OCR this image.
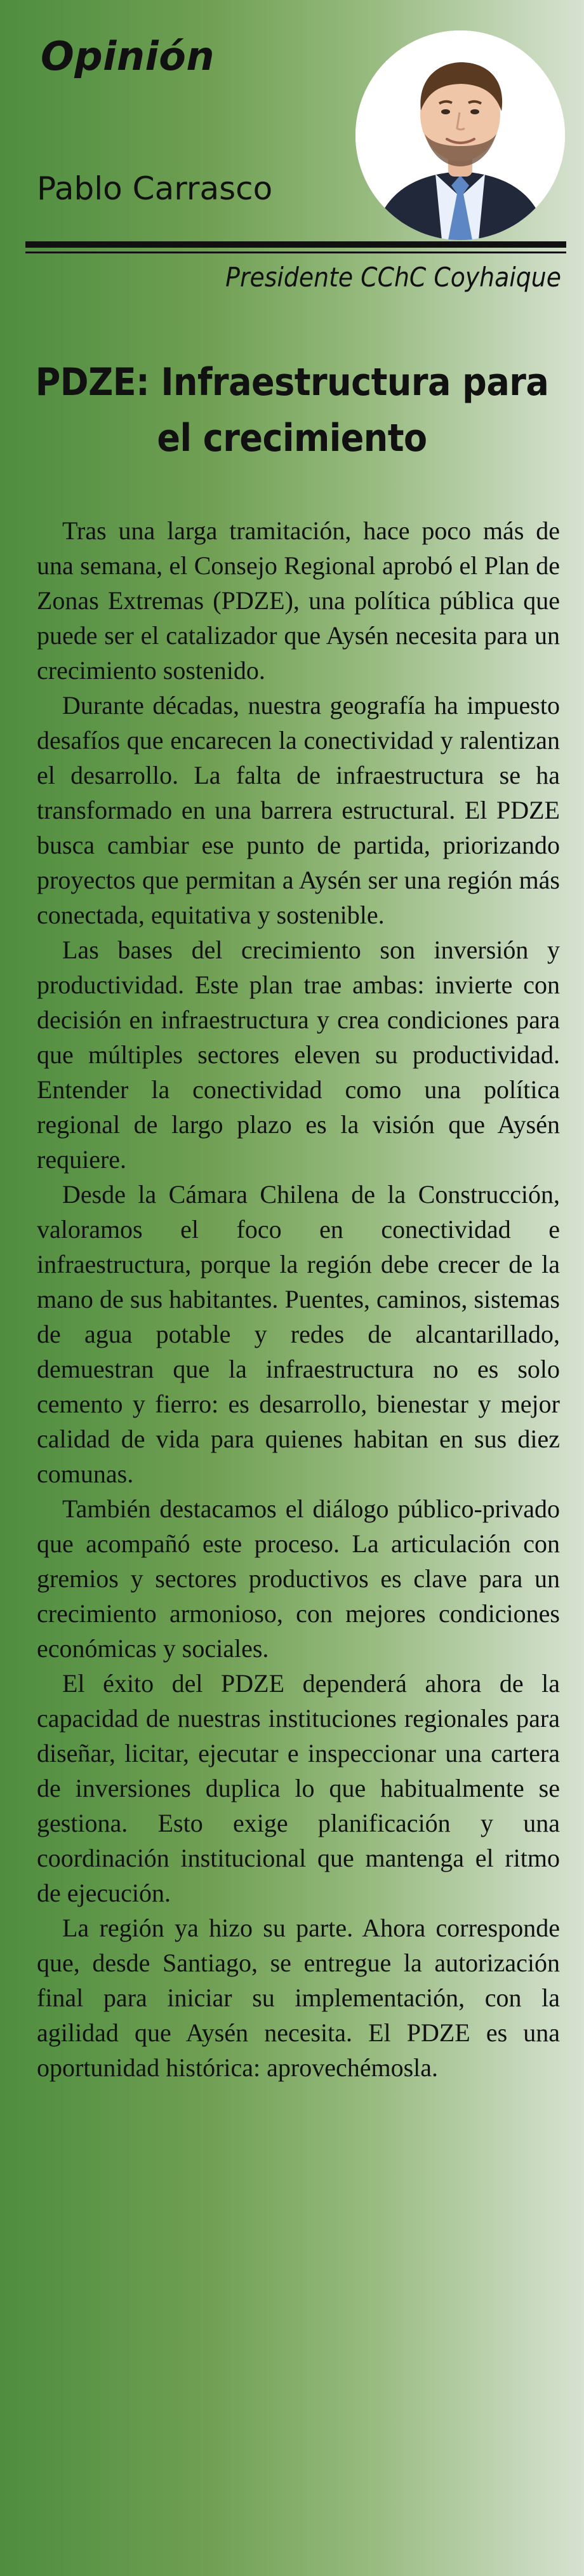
Opinión
Pablo Carrasco

Presidente CChC Coyhaique

PDZE: Infraestructura para el crecimiento

Tras una larga tramitación, hace poco más de una semana, el Consejo Regional aprobó el Plan de Zonas Extremas (PDZE), una política pública que puede ser el catalizador que Aysén necesita para un crecimiento sostenido.

Durante décadas, nuestra geografía ha impuesto desafíos que encarecen la conectividad y ralentizan el desarrollo. La falta de infraestructura se ha transformado en una barrera estructural. El PDZE busca cambiar ese punto de partida, priorizando proyectos que permitan a Aysén ser una región más conectada, equitativa y sostenible.

Las bases del crecimiento son inversión y productividad. Este plan trae ambas: invierte con decisión en infraestructura y crea condiciones para que múltiples sectores eleven su productividad. Entender la conectividad como una política regional de largo plazo es la visión que Aysén requiere.

Desde la Cámara Chilena de la Construcción, valoramos el foco en conectividad e infraestructura, porque la región debe crecer de la mano de sus habitantes. Puentes, caminos, sistemas de agua potable y redes de alcantarillado, demuestran que la infraestructura no es solo cemento y fierro: es desarrollo, bienestar y mejor calidad de vida para quienes habitan en sus diez comunas.

También destacamos el diálogo público-privado que acompañó este proceso. La articulación con gremios y sectores productivos es clave para un crecimiento armonioso, con mejores condiciones económicas y sociales.

El éxito del PDZE dependerá ahora de la capacidad de nuestras instituciones regionales para diseñar, licitar, ejecutar e inspeccionar una cartera de inversiones duplica lo que habitualmente se gestiona. Esto exige planificación y una coordinación institucional que mantenga el ritmo de ejecución.

La región ya hizo su parte. Ahora corresponde que, desde Santiago, se entregue la autorización final para iniciar su implementación, con la agilidad que Aysén necesita. El PDZE es una oportunidad histórica: aprovechémosla.
